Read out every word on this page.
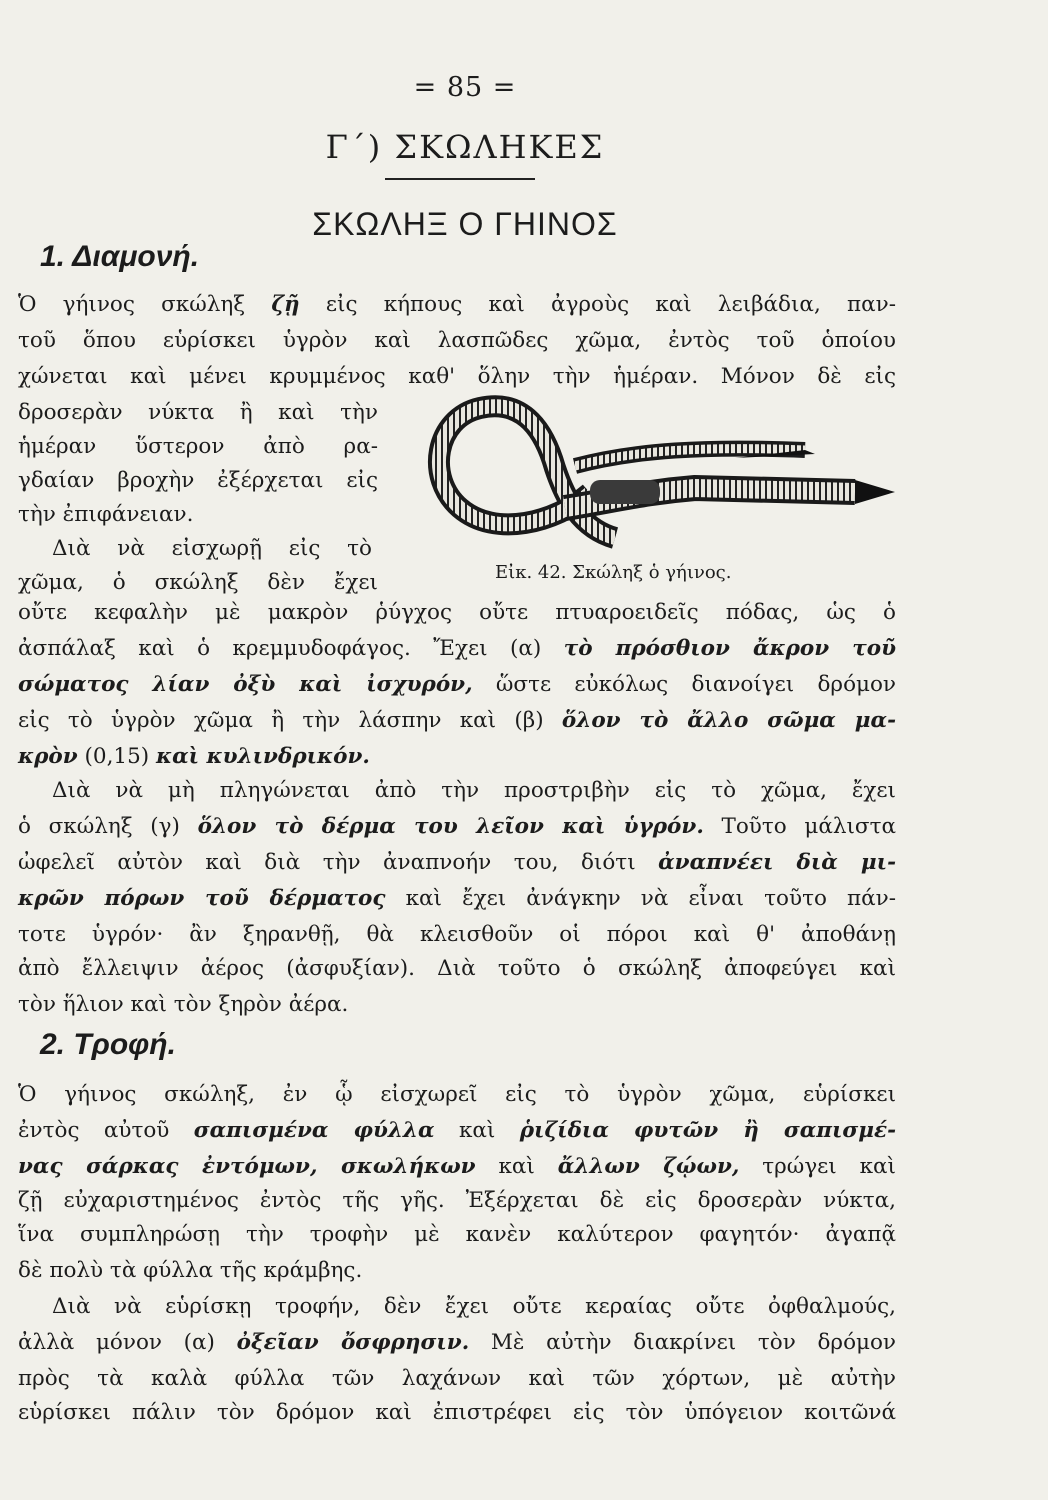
= 85 =
Γ΄) ΣΚΩΛΗΚΕΣ
ΣΚΩΛΗΞ Ο ΓΗΙΝΟΣ
1. Διαμονή.
Ὁ γήινος σκώληξ ζῇ εἰς κήπους καὶ ἀγροὺς καὶ λειβάδια, παν-
τοῦ ὅπου εὑρίσκει ὑγρὸν καὶ λασπῶδες χῶμα, ἐντὸς τοῦ ὁποίου
χώνεται καὶ μένει κρυμμένος καθ' ὅλην τὴν ἡμέραν. Μόνον δὲ εἰς
δροσερὰν νύκτα ἢ καὶ τὴν
ἡμέραν ὕστερον ἀπὸ ρα-
γδαίαν βροχὴν ἐξέρχεται εἰς
τὴν ἐπιφάνειαν.
Διὰ νὰ εἰσχωρῇ εἰς τὸ
χῶμα, ὁ σκώληξ δὲν ἔχει	Εἰκ. 42. Σκώληξ ὁ γήινος.
οὔτε κεφαλὴν μὲ μακρὸν ῥύγχος οὔτε πτυαροειδεῖς πόδας, ὡς ὁ
ἀσπάλαξ καὶ ὁ κρεμμυδοφάγος. Ἔχει (α) τὸ πρόσθιον ἄκρον τοῦ
σώματος λίαν ὀξὺ καὶ ἰσχυρόν, ὥστε εὐκόλως διανοίγει δρόμον
εἰς τὸ ὑγρὸν χῶμα ἢ τὴν λάσπην καὶ (β) ὅλον τὸ ἄλλο σῶμα μα-
κρὸν (0,15) καὶ κυλινδρικόν.
Διὰ νὰ μὴ πληγώνεται ἀπὸ τὴν προστριβὴν εἰς τὸ χῶμα, ἔχει
ὁ σκώληξ (γ) ὅλον τὸ δέρμα του λεῖον καὶ ὑγρόν. Τοῦτο μάλιστα
ὠφελεῖ αὐτὸν καὶ διὰ τὴν ἀναπνοήν του, διότι ἀναπνέει διὰ μι-
κρῶν πόρων τοῦ δέρματος καὶ ἔχει ἀνάγκην νὰ εἶναι τοῦτο πάν-
τοτε ὑγρόν· ἂν ξηρανθῇ, θὰ κλεισθοῦν οἱ πόροι καὶ θ' ἀποθάνῃ
ἀπὸ ἔλλειψιν ἀέρος (ἀσφυξίαν). Διὰ τοῦτο ὁ σκώληξ ἀποφεύγει καὶ
τὸν ἥλιον καὶ τὸν ξηρὸν ἀέρα.
2. Τροφή.
Ὁ γήινος σκώληξ, ἐν ᾧ εἰσχωρεῖ εἰς τὸ ὑγρὸν χῶμα, εὑρίσκει
ἐντὸς αὐτοῦ σαπισμένα φύλλα καὶ ῥιζίδια φυτῶν ἢ σαπισμέ-
νας σάρκας ἐντόμων, σκωλήκων καὶ ἄλλων ζῴων, τρώγει καὶ
ζῇ εὐχαριστημένος ἐντὸς τῆς γῆς. Ἐξέρχεται δὲ εἰς δροσερὰν νύκτα,
ἵνα συμπληρώσῃ τὴν τροφὴν μὲ κανὲν καλύτερον φαγητόν· ἀγαπᾷ
δὲ πολὺ τὰ φύλλα τῆς κράμβης.
Διὰ νὰ εὑρίσκῃ τροφήν, δὲν ἔχει οὔτε κεραίας οὔτε ὀφθαλμούς,
ἀλλὰ μόνον (α) ὀξεῖαν ὄσφρησιν. Μὲ αὐτὴν διακρίνει τὸν δρόμον
πρὸς τὰ καλὰ φύλλα τῶν λαχάνων καὶ τῶν χόρτων, μὲ αὐτὴν
εὑρίσκει πάλιν τὸν δρόμον καὶ ἐπιστρέφει εἰς τὸν ὑπόγειον κοιτῶνά
